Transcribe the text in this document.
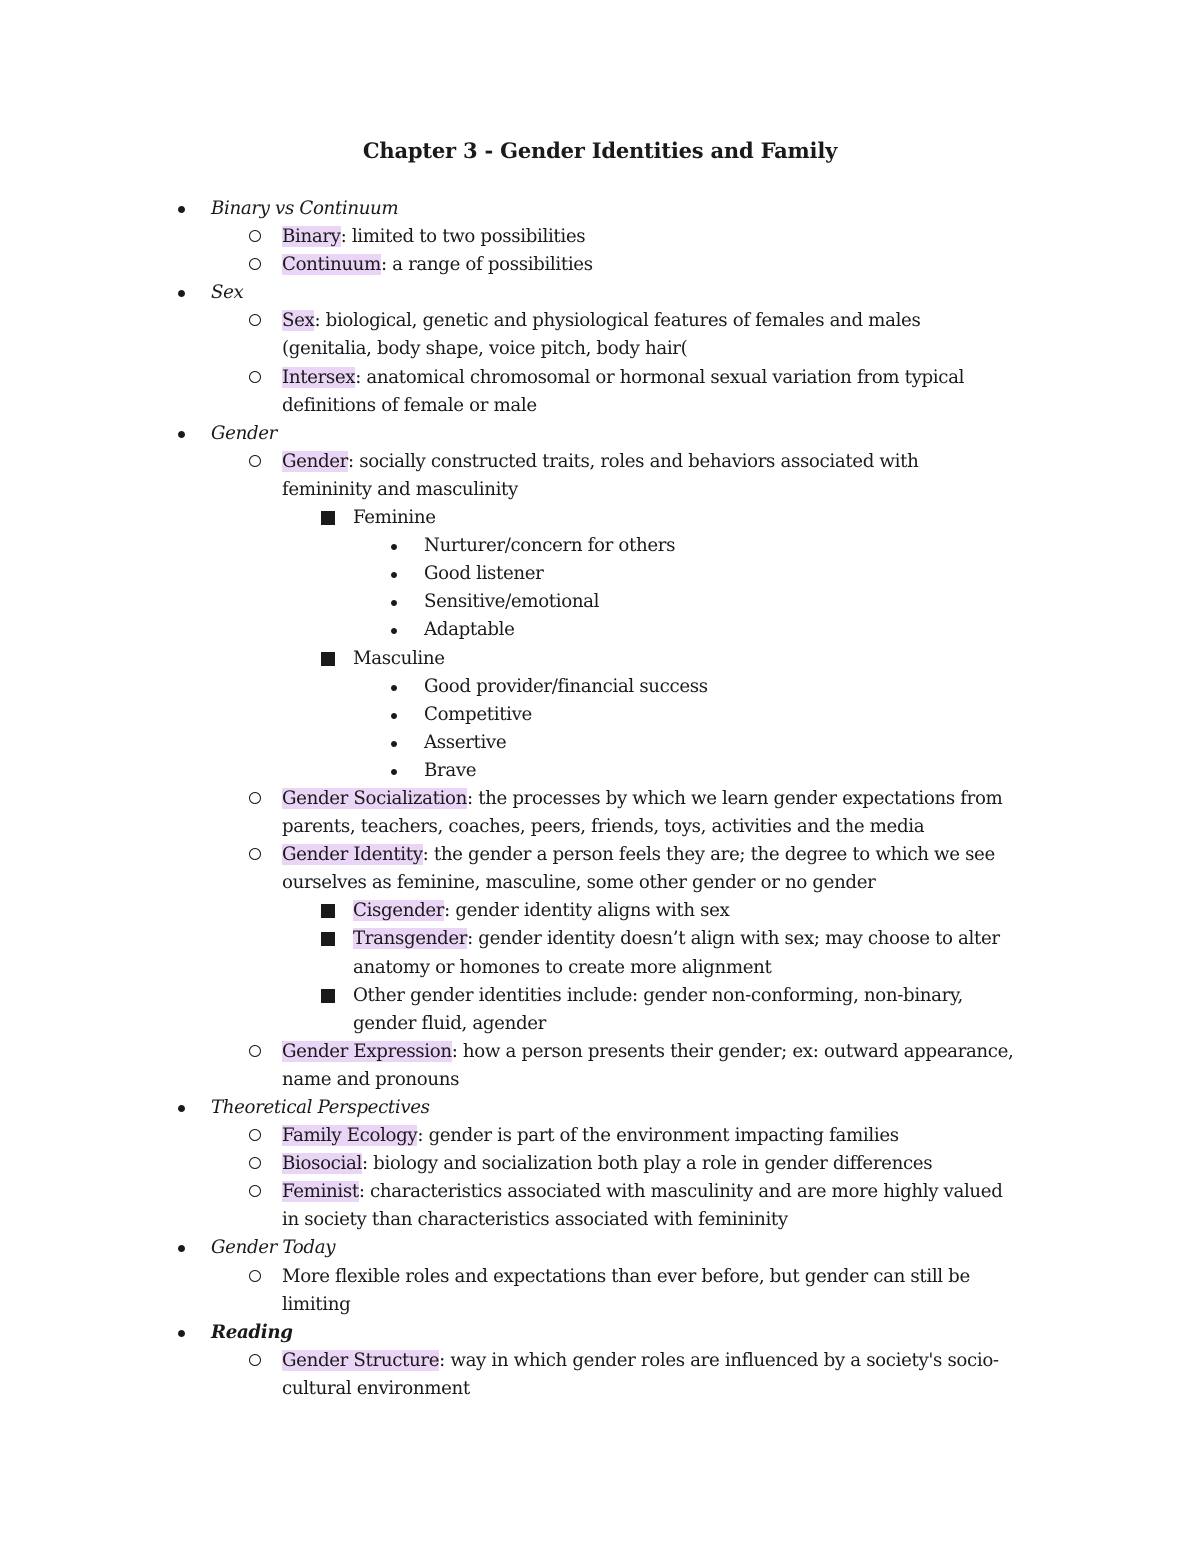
Chapter 3 - Gender Identities and Family
Binary vs Continuum
Binary: limited to two possibilities
Continuum: a range of possibilities
Sex
Sex: biological, genetic and physiological features of females and males
(genitalia, body shape, voice pitch, body hair(
Intersex: anatomical chromosomal or hormonal sexual variation from typical
definitions of female or male
Gender
Gender: socially constructed traits, roles and behaviors associated with
femininity and masculinity
Feminine
Nurturer/concern for others
Good listener
Sensitive/emotional
Adaptable
Masculine
Good provider/financial success
Competitive
Assertive
Brave
Gender Socialization: the processes by which we learn gender expectations from
parents, teachers, coaches, peers, friends, toys, activities and the media
Gender Identity: the gender a person feels they are; the degree to which we see
ourselves as feminine, masculine, some other gender or no gender
Cisgender: gender identity aligns with sex
Transgender: gender identity doesn’t align with sex; may choose to alter
anatomy or homones to create more alignment
Other gender identities include: gender non-conforming, non-binary,
gender fluid, agender
Gender Expression: how a person presents their gender; ex: outward appearance,
name and pronouns
Theoretical Perspectives
Family Ecology: gender is part of the environment impacting families
Biosocial: biology and socialization both play a role in gender differences
Feminist: characteristics associated with masculinity and are more highly valued
in society than characteristics associated with femininity
Gender Today
More flexible roles and expectations than ever before, but gender can still be
limiting
Reading
Gender Structure: way in which gender roles are influenced by a society's socio-
cultural environment
